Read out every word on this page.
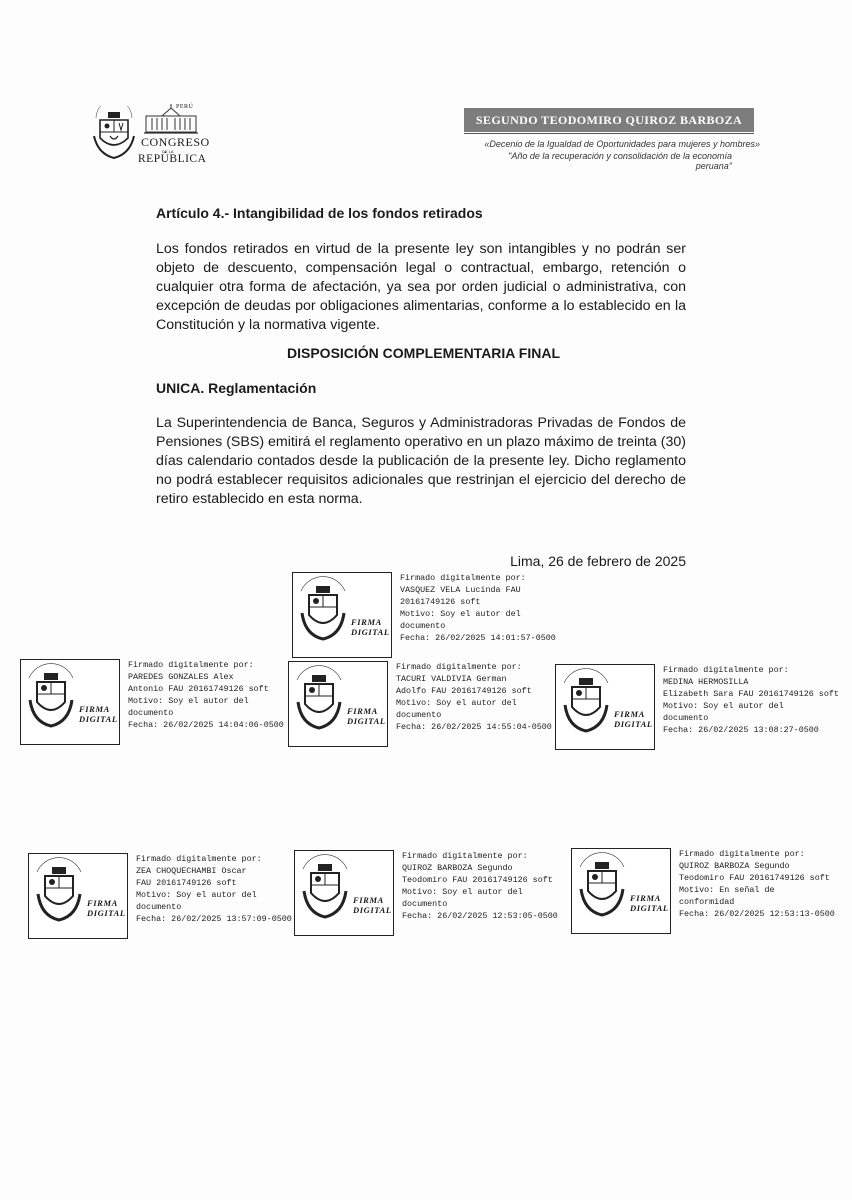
PERÚ
CONGRESO
DE LA
REPÚBLICA
SEGUNDO TEODOMIRO QUIROZ BARBOZA
«Decenio de la Igualdad de Oportunidades para mujeres y hombres»
"Año de la recuperación y consolidación de la economía peruana"
Artículo 4.- Intangibilidad de los fondos retirados
Los fondos retirados en virtud de la presente ley son intangibles y no podrán ser objeto de descuento, compensación legal o contractual, embargo, retención o cualquier otra forma de afectación, ya sea por orden judicial o administrativa, con excepción de deudas por obligaciones alimentarias, conforme a lo establecido en la Constitución y la normativa vigente.
DISPOSICIÓN COMPLEMENTARIA FINAL
UNICA. Reglamentación
La Superintendencia de Banca, Seguros y Administradoras Privadas de Fondos de Pensiones (SBS) emitirá el reglamento operativo en un plazo máximo de treinta (30) días calendario contados desde la publicación de la presente ley. Dicho reglamento no podrá establecer requisitos adicionales que restrinjan el ejercicio del derecho de retiro establecido en esta norma.
Lima, 26 de febrero de 2025
FIRMA
DIGITAL
Firmado digitalmente por:
VASQUEZ VELA Lucinda FAU
20161749126 soft
Motivo: Soy el autor del
documento
Fecha: 26/02/2025 14:01:57-0500
FIRMA
DIGITAL
Firmado digitalmente por:
PAREDES GONZALES Alex
Antonio FAU 20161749126 soft
Motivo: Soy el autor del
documento
Fecha: 26/02/2025 14:04:06-0500
FIRMA
DIGITAL
Firmado digitalmente por:
TACURI VALDIVIA German
Adolfo FAU 20161749126 soft
Motivo: Soy el autor del
documento
Fecha: 26/02/2025 14:55:04-0500
FIRMA
DIGITAL
Firmado digitalmente por:
MEDINA HERMOSILLA
Elizabeth Sara FAU 20161749126 soft
Motivo: Soy el autor del
documento
Fecha: 26/02/2025 13:08:27-0500
FIRMA
DIGITAL
Firmado digitalmente por:
ZEA CHOQUECHAMBI Oscar
FAU 20161749126 soft
Motivo: Soy el autor del
documento
Fecha: 26/02/2025 13:57:09-0500
FIRMA
DIGITAL
Firmado digitalmente por:
QUIROZ BARBOZA Segundo
Teodomiro FAU 20161749126 soft
Motivo: Soy el autor del
documento
Fecha: 26/02/2025 12:53:05-0500
FIRMA
DIGITAL
Firmado digitalmente por:
QUIROZ BARBOZA Segundo
Teodomiro FAU 20161749126 soft
Motivo: En señal de
conformidad
Fecha: 26/02/2025 12:53:13-0500
